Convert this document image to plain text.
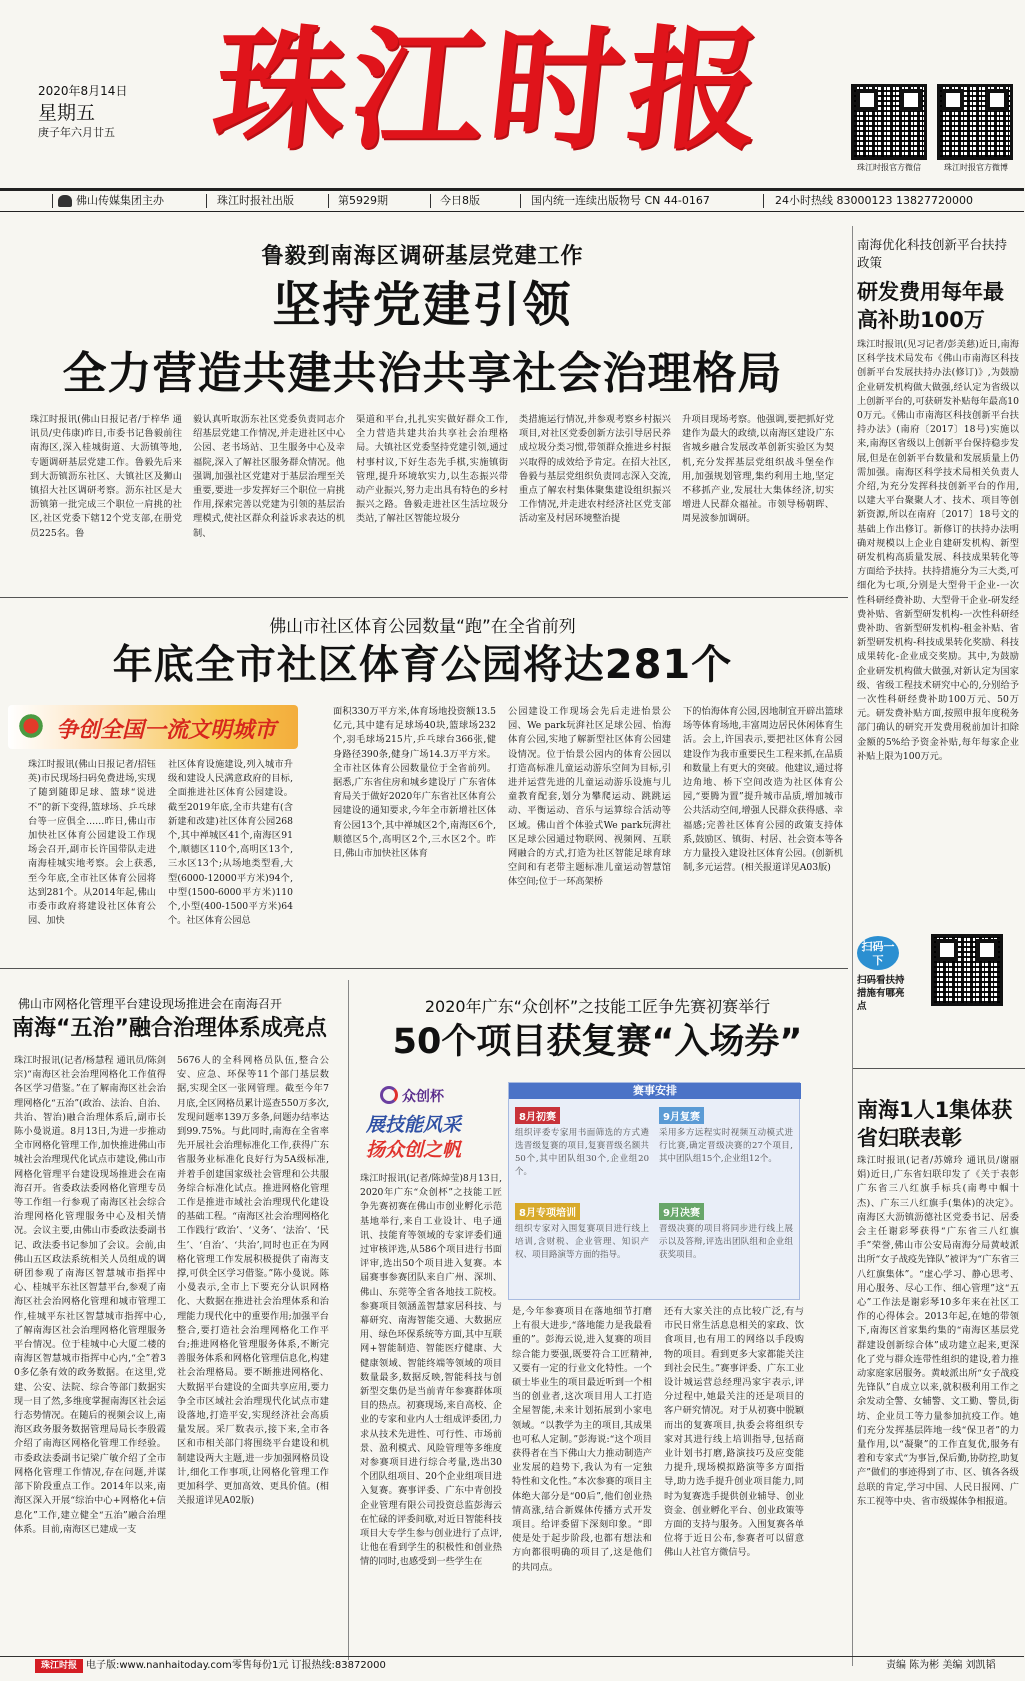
2020年8月14日
星期五
庚子年六月廿五 珠江时报	珠江时报官方微信	珠江时报官方微博
佛山传媒集团主办	珠江时报社出版	第5929期	今日8版	国内统一连续出版物号 CN 44-0167	24小时热线 83000123 13827720000
鲁毅到南海区调研基层党建工作
坚持党建引领
全力营造共建共治共享社会治理格局
珠江时报讯(佛山日报记者/于梓华 通讯员/史伟康)昨日,市委书记鲁毅前往南海区,深入桂城街道、大沥镇等地,专题调研基层党建工作。鲁毅先后来到大沥镇沥东社区、大镇社区及狮山镇招大社区调研考察。沥东社区是大沥镇第一批完成三个职位一肩挑的社区,社区党委下辖12个党支部,在册党员225名。鲁
毅认真听取沥东社区党委负责同志介绍基层党建工作情况,并走进社区中心公园、老书场站、卫生服务中心及幸福院,深入了解社区服务群众情况。他强调,加强社区党建对于基层治理至关重要,要进一步发挥好三个职位一肩挑作用,探索完善以党建为引领的基层治理模式,使社区群众利益诉求表达的机制、
渠道和平台,扎扎实实做好群众工作,全力营造共建共治共享社会治理格局。大镇社区党委坚持党建引领,通过村事村议,下好生态先手棋,实施镇街管理,提升环境软实力,以生态振兴带动产业振兴,努力走出具有特色的乡村振兴之路。鲁毅走进社区生活垃圾分类站,了解社区智能垃圾分
类措施运行情况,并参观考察乡村振兴项目,对社区党委创新方法引导居民养成垃圾分类习惯,带领群众推进乡村振兴取得的成效给予肯定。在招大社区,鲁毅与基层党组织负责同志深入交流,重点了解农村集体聚集建设组织振兴工作情况,并走进农村经济社区党支部活动室及村居环境整治提
升项目现场考察。他强调,要把抓好党建作为最大的政绩,以南海区建设广东省城乡融合发展改革创新实验区为契机,充分发挥基层党组织战斗堡垒作用,加强规划管理,集约利用土地,坚定不移抓产业,发展壮大集体经济,切实增进人民群众福祉。市领导杨朝晖、周晃波参加调研。
佛山市社区体育公园数量“跑”在全省前列
年底全市社区体育公园将达281个
争创全国一流文明城市
珠江时报讯(佛山日报记者/招钰英)市民现场扫码免费进场,实现了随到随即足球、篮球“说进不”的新下变得,篮球场、乒乓球台等一应俱全……昨日,佛山市加快社区体育公园建设工作现场会召开,副市长许国带队走进南海桂城实地考察。会上获悉,至今年底,全市社区体育公园将达到281个。从2014年起,佛山市委市政府将建设社区体育公园、加快
社区体育设施建设,列入城市升级和建设人民满意政府的目标,全面推进社区体育公园建设。截至2019年底,全市共建有(含新建和改建)社区体育公园268个,其中禅城区41个,南海区91个,顺德区110个,高明区13个,三水区13个;从场地类型看,大型(6000-12000平方米)94个,中型(1500-6000平方米)110个,小型(400-1500平方米)64个。社区体育公园总
面积330万平方米,体育场地投资额13.5亿元,其中建有足球场40块,篮球场232个,羽毛球场215片,乒乓球台366张,健身路径390条,健身广场14.3万平方米。全市社区体育公园数量位于全省前列。据悉,广东省住房和城乡建设厅 广东省体育局关于做好2020年广东省社区体育公园建设的通知要求,今年全市新增社区体育公园13个,其中禅城区2个,南海区6个,顺德区5个,高明区2个,三水区2个。昨日,佛山市加快社区体育
公园建设工作现场会先后走进怡景公园、We park玩湃社区足球公园、怡海体育公园,实地了解新型社区体育公园建设情况。位于怡景公园内的体育公园以打造高标准儿童运动游乐空间为目标,引进并运营先进的儿童运动游乐设施与儿童教育配套,划分为攀爬运动、跳跳运动、平衡运动、音乐与运算综合活动等区域。佛山首个体验式We park玩湃社区足球公园通过物联网、视频网、互联网融合的方式,打造为社区智能足球育球空间和有老带主题标准儿童运动智慧馆体空间;位于一环高架桥
下的怡海体育公园,因地制宜开辟出篮球场等体育场地,丰富周边居民休闲体育生活。会上,许国表示,要把社区体育公园建设作为我市重要民生工程来抓,在品质和数量上有更大的突破。他建议,通过将边角地、桥下空间改造为社区体育公园,“要腾为置”提升城市品质,增加城市公共活动空间,增强人民群众获得感、幸福感;完善社区体育公园的政策支持体系,鼓励区、镇街、村居、社会资本等各方力量投入建设社区体育公园。(创新机制,多元运营。(相关报道详见A03版)
南海优化科技创新平台扶持政策
研发费用每年最高补助100万
珠江时报讯(见习记者/彭美慈)近日,南海区科学技术局发布《佛山市南海区科技创新平台发展扶持办法(修订)》,为鼓励企业研发机构做大做强,经认定为省级以上创新平台的,可获研发补贴每年最高100万元。《佛山市南海区科技创新平台扶持办法》(南府〔2017〕18号)实施以来,南海区省级以上创新平台保持稳步发展,但是在创新平台数量和发展质量上仍需加强。南海区科学技术局相关负责人介绍,为充分发挥科技创新平台的作用,以建大平台聚聚人才、技术、项目等创新资源,所以在南府〔2017〕18号文的基础上作出修订。新修订的扶持办法明确对规模以上企业自建研发机构、新型研发机构高质量发展、科技成果转化等方面给予扶持。扶持措施分为三大类,可细化为七项,分别是大型骨干企业-一次性科研经费补助、大型骨干企业-研发经费补贴、省新型研发机构-一次性科研经费补助、省新型研发机构-租金补贴、省新型研发机构-科技成果转化奖励、科技成果转化-企业成交奖励。其中,为鼓励企业研发机构做大做强,对新认定为国家级、省级工程技术研究中心的,分别给予一次性科研经费补助100万元、50万元。研发费补贴方面,按照申报年度税务部门确认的研究开发费用税前加计扣除金额的5%给予资金补贴,每年每家企业补贴上限为100万元。
扫码一下
扫码看扶持措施有哪亮点
南海1人1集体获省妇联表彰
珠江时报讯(记者/苏嫦玲 通讯员/谢丽娟)近日,广东省妇联印发了《关于表彰广东省三八红旗手标兵(南粤中帼十杰)、广东三八红旗手(集体)的决定》。南海区大沥镇沥德社区党委书记、居委会主任谢彩琴获得“广东省三八红旗手”荣誉,佛山市公安局南海分局黄岐派出所“女子战疫先锋队”被评为“广东省三八红旗集体”。“虚心学习、静心思考、用心服务、尽心工作、细心管理”这“五心”工作法是谢彩琴10多年来在社区工作的心得体会。2013年起,在她的带领下,南海区首家集约集的“南海区基层党群建设创新综合体”成功建立起来,更深化了党与群众连带性组织的建设,着力推动家庭家居服务。黄岐派出所“女子战疫先锋队”自成立以来,就积极利用工作之余发动全警、女辅警、文工勤、警员,街坊、企业员工等力量参加抗疫工作。她们充分发挥基层阵地一线“保卫者”的力量作用,以“凝聚”的工作直复优,服务有着和专家式“为事旨,保后勤,协防控,助复产”做们的事迹得到了市、区、镇各各级总联的肯定,学习中国、人民日报网、广东工视等中央、省市级媒体争相报道。
佛山市网格化管理平台建设现场推进会在南海召开
南海“五治”融合治理体系成亮点
珠江时报讯(记者/杨慧程 通讯员/陈剑宗)“南海区社会治理网格化工作值得各区学习借鉴。”在了解南海区社会治理网格化“五治”(政治、法治、自治、共治、智治)融合治理体系后,副市长陈小曼说道。8月13日,为进一步推动全市网格化管理工作,加快推进佛山市城社会治理现代化试点市建设,佛山市网格化管理平台建设现场推进会在南海召开。省委政法委网格化管理专员等工作组一行参观了南海区社会综合治理网格化管理服务中心及相关情况。会议主要,由佛山市委政法委副书记、政法委书记参加了会议。会前,由佛山五区政法系统相关人员组成的调研团参观了南海区智慧城市指挥中心、桂城平东社区智慧平台,参观了南海区社会治网格化管理和城市管理工作,桂城平东社区智慧城市指挥中心,了解南海区社会治理网格化管理服务平台情况。位于桂城中心大厦二楼的南海区智慧城市指挥中心内,“全”着30多亿条有效的政务数据。在这里,党建、公安、法院、综合等部门数据实现一目了然,多维度掌握南海区社会运行态势情况。在随后的视频会议上,南海区政务服务数据管理局局长李殷霞介绍了南海区网格化管理工作经验。市委政法委副书记梁广敏介绍了全市网格化管理工作情况,存在问题,并谋部下阶段重点工作。2014年以来,南海区深入开展“综治中心+网格化+信息化”工作,建立健全“五治”融合治理体系。目前,南海区已建成一支
5676人的全科网格员队伍,整合公安、应急、环保等11个部门基层数据,实现全区一张网管理。截至今年7月底,全区网格员累计巡查550万多次,发现问题率139万多条,问题办结率达到99.75%。与此同时,南海在全省率先开展社会治理标准化工作,获得广东省服务业标准化良好行为5A级标准,并着手创建国家级社会管理和公共服务综合标准化试点。推进网格化管理工作是推进市域社会治理现代化建设的基础工程。“南海区社会治理网格化工作践行‘政治’、‘义务’、‘法治’、‘民生’、‘自治’、‘共治’,同时也正在为网格化管理工作发展积极提供了南海支撑,可供全区学习借鉴。”陈小曼说。陈小曼表示,全市上下要充分认识网格化、大数据在推进社会治理体系和治理能力现代化中的重要作用;加强平台整合,要打造社会治理网格化工作平台;推进网格化管理服务体系,不断完善服务体系和网格化管理信息化,构建社会治理格局。要不断推进网格化、大数据平台建设的全面共享应用,要力争全市区域社会治理现代化试点市建设落地,打造平安,实现经济社会高质量发展。采厂数表示,接下来,全市各区和市相关部门将围绕平台建设和机制建设两大主题,进一步加强网格员设计,细化工作事项,让网格化管理工作更加科学、更加高效、更具价值。(相关报道详见A02版)
2020年广东“众创杯”之技能工匠争先赛初赛举行
50个项目获复赛“入场券”
众创杯
展技能风采
扬众创之帆
赛事安排
8月初赛
组织评委专家用书面筛选的方式遴选晋级复赛的项目,复赛晋级名额共50个,其中团队组30个,企业组20个。
9月复赛
采用多方远程实时视频互动模式进行比赛,确定晋级决赛的27个项目,其中团队组15个,企业组12个。
8月专项培训
组织专家对入围复赛项目进行线上培训,含财税、企业管理、知识产权、项目路演等方面的指导。
9月决赛
晋级决赛的项目将同步进行线上展示以及答辩,评选出团队组和企业组获奖项目。
珠江时报讯(记者/陈焯莹)8月13日,2020年广东“众创杯”之技能工匠争先赛初赛在佛山市创业孵化示范基地举行,来自工业设计、电子通讯、技能育等领域的专家评委们通过审核评选,从586个项目进行书面评审,选出50个项目进入复赛。本届赛事参赛团队来自广州、深圳、佛山、东莞等全省各地技工院校。参赛项目领涵盖智慧家居科技、与幕研究、南海智能交通、大数据应用、绿色环保系统等方面,其中互联网+智能制造、智能医疗健康、大健康领域、智能终端等领域的项目数量最多,数据反映,智能科技与创新型交集仍是当前青年参赛群体项目的热点。初赛现场,来自高校、企业的专家和业内人士组成评委团,力求从技术先进性、可行性、市场前景、盈利模式、风险管理等多维度对参赛项目进行综合考量,选出30个团队组项目、20个企业组项目进入复赛。赛事评委、广东中青创投企业管理有限公司投资总监彭海云在忙碌的评委间歇,对近日智能科技项目大专学生参与创业进行了点评,让他在看到学生的积极性和创业热情的同时,也感受到一些学生在
是,今年参赛项目在落地细节打磨上有很大进步,“落地能力是我最看重的”。彭海云说,进入复赛的项目综合能力要强,既要符合工匠精神,又要有一定的行业文化特性。一个硕士毕业生的项目最近听到一个相当的创业者,这次项目用人工打造全屋智能,未来计划拓展到小家电领域。“以教学为主的项目,其成果也可私人定制。”彭海说:“这个项目获得者在当下佛山大力推动制造产业发展的趋势下,我认为有一定独特性和文化性。”本次参赛的项目主体绝大部分是“00后”,他们创业热情高涨,结合新媒体传播方式开发项目。给评委留下深刻印象。“即使是处于起步阶段,也都有想法和方向都很明确的项目了,这是他们的共同点。
还有大家关注的点比较广泛,有与市民日常生活息息相关的家政、饮食项目,也有用工的网络以手段购物的项目。看到更多大家都能关注到社会民生。”赛事评委、广东工业设计城运营总经理冯家宇表示,评分过程中,她最关注的还是项目的客户研究情况。对于从初赛中脱颖而出的复赛项目,执委会将组织专家对其进行线上培训指导,包括商业计划书打磨,路演技巧及应变能力提升,现场模拟路演等多方面指导,助力选手提升创业项目能力,同时为复赛选手提供创业辅导、创业资金、创业孵化平台、创业政策等方面的支持与服务。入围复赛各单位将于近日公布,参赛者可以留意佛山人社官方微信号。
珠江时报 电子版:www.nanhaitoday.com 零售每份1元 订报热线:83872000	责编 陈为彬 美编 刘凯韬
